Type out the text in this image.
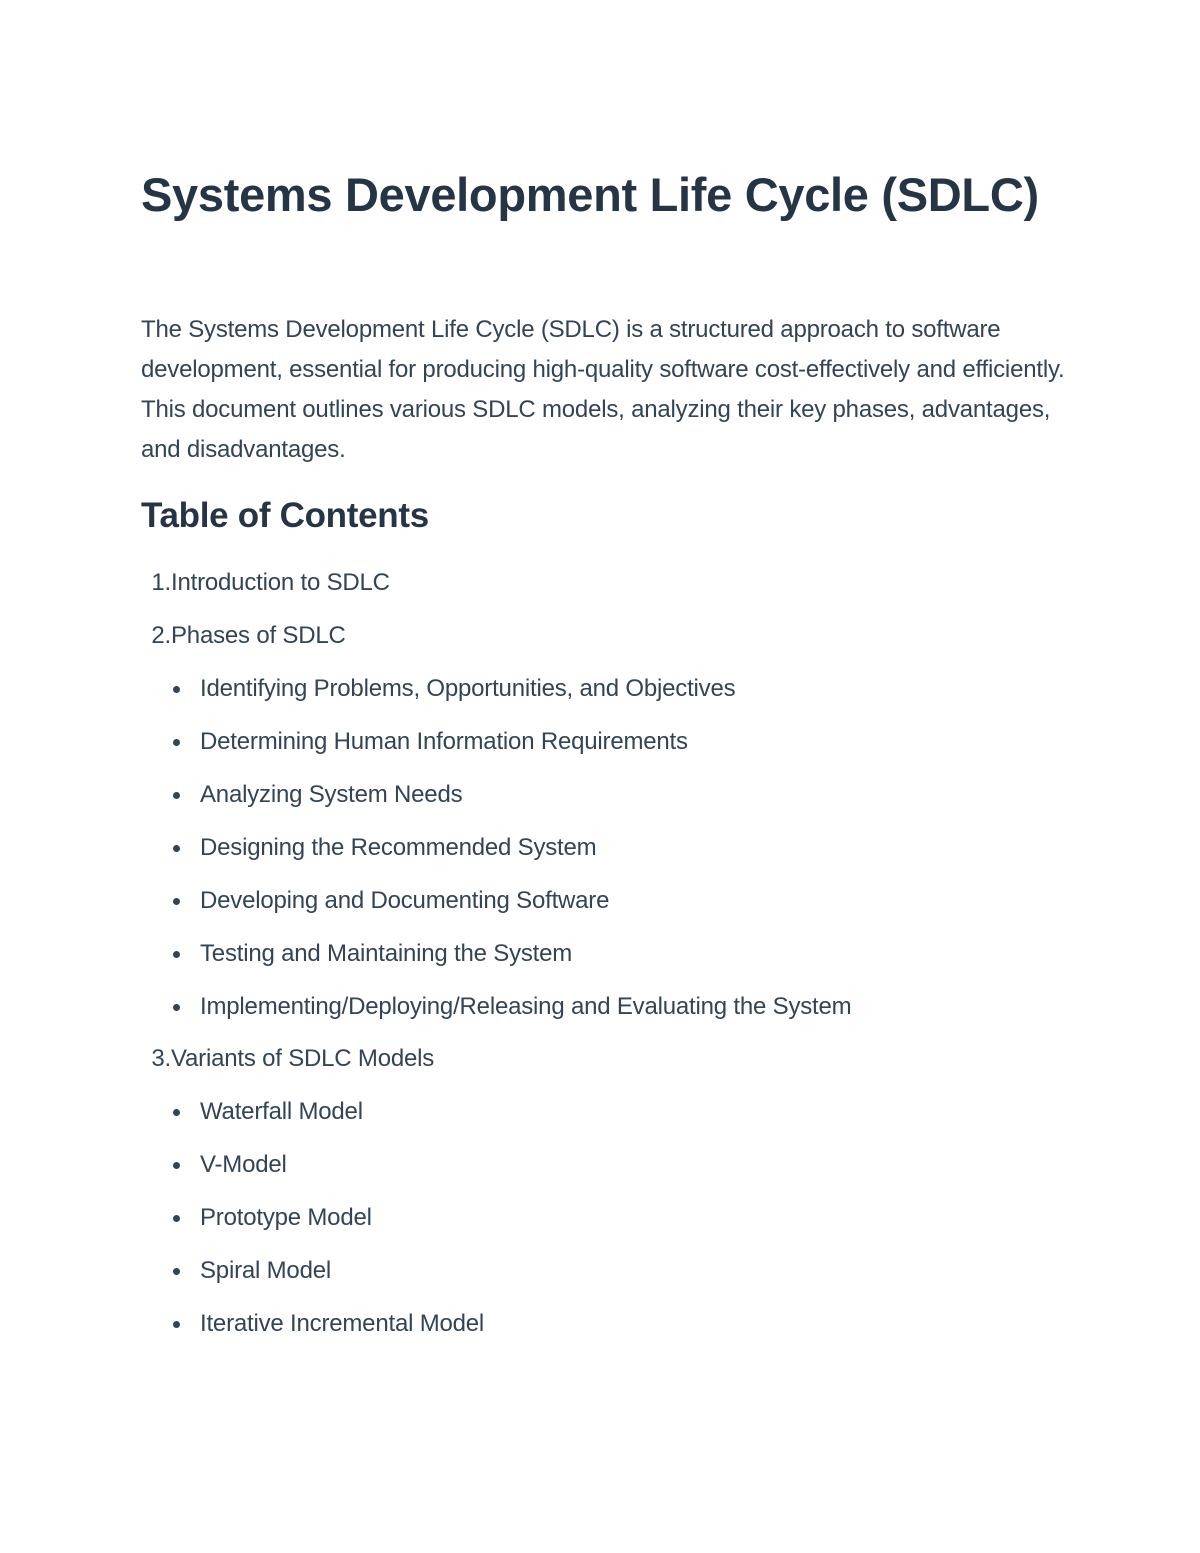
Systems Development Life Cycle (SDLC)

The Systems Development Life Cycle (SDLC) is a structured approach to software development, essential for producing high-quality software cost-effectively and efficiently. This document outlines various SDLC models, analyzing their key phases, advantages, and disadvantages.

Table of Contents
1.Introduction to SDLC
2.Phases of SDLC
Identifying Problems, Opportunities, and Objectives
Determining Human Information Requirements
Analyzing System Needs
Designing the Recommended System
Developing and Documenting Software
Testing and Maintaining the System
Implementing/Deploying/Releasing and Evaluating the System
3.Variants of SDLC Models
Waterfall Model
V-Model
Prototype Model
Spiral Model
Iterative Incremental Model
